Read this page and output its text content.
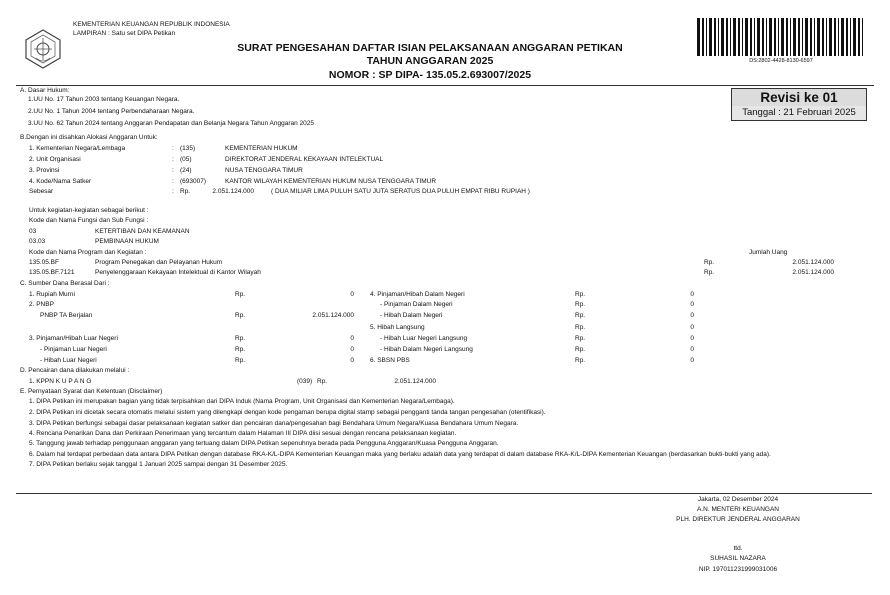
KEMENTERIAN KEUANGAN REPUBLIK INDONESIA
LAMPIRAN : Satu set DIPA Petikan
SURAT PENGESAHAN DAFTAR ISIAN PELAKSANAAN ANGGARAN PETIKAN
TAHUN ANGGARAN 2025
NOMOR : SP DIPA- 135.05.2.693007/2025
DS:2802-4428-8130-6597
Revisi ke 01
Tanggal : 21 Februari 2025
A. Dasar Hukum:
1.UU No. 17 Tahun 2003 tentang Keuangan Negara.
2.UU No. 1 Tahun 2004 tentang Perbendaharaan Negara.
3.UU No. 62 Tahun 2024 tentang Anggaran Pendapatan dan Belanja Negara Tahun Anggaran 2025
B.Dengan ini disahkan Alokasi Anggaran Untuk:
1. Kementerian Negara/Lembaga	: (135)	KEMENTERIAN HUKUM
2. Unit Organisasi	: (05)	DIREKTORAT JENDERAL KEKAYAAN INTELEKTUAL
3. Provinsi	: (24)	NUSA TENGGARA TIMUR
4. Kode/Nama Satker	: (693007)	KANTOR WILAYAH KEMENTERIAN HUKUM NUSA TENGGARA TIMUR
Sebesar	: Rp.	2.051.124.000	( DUA MILIAR LIMA PULUH SATU JUTA SERATUS DUA PULUH EMPAT RIBU RUPIAH )
Untuk kegiatan-kegiatan sebagai berikut :
Kode dan Nama Fungsi dan Sub Fungsi :
03	KETERTIBAN DAN KEAMANAN
03.03	PEMBINAAN HUKUM
Kode dan Nama Program dan Kegiatan :	Jumlah Uang
135.05.BF	Program Penegakan dan Pelayanan Hukum	Rp.	2.051.124.000
135.05.BF.7121	Penyelenggaraan Kekayaan Intelektual di Kantor Wilayah	Rp.	2.051.124.000
C. Sumber Dana Berasal Dari :
1. Rupiah Murni	Rp.	0
2. PNBP
PNBP TA Berjalan	Rp.	2.051.124.000
3. Pinjaman/Hibah Luar Negeri	Rp.	0
- Pinjaman Luar Negeri	Rp.	0
- Hibah Luar Negeri	Rp.	0
4. Pinjaman/Hibah Dalam Negeri	Rp.	0
- Pinjaman Dalam Negeri	Rp.	0
- Hibah Dalam Negeri	Rp.	0
5. Hibah Langsung	Rp.	0
- Hibah Luar Negeri Langsung	Rp.	0
- Hibah Dalam Negeri Langsung	Rp.	0
6. SBSN PBS	Rp.	0
D. Pencairan dana dilakukan melalui :
1. KPPN K U P A N G	(039) Rp.	2.051.124.000
E. Pernyataan Syarat dan Ketentuan (Disclaimer)
1. DIPA Petikan ini merupakan bagian yang tidak terpisahkan dari DIPA Induk (Nama Program, Unit Organisasi dan Kementerian Negara/Lembaga).
2. DIPA Petikan ini dicetak secara otomatis melalui sistem yang dilengkapi dengan kode pengaman berupa digital stamp sebagai pengganti tanda tangan pengesahan (otentifikasi).
3. DIPA Petikan berfungsi sebagai dasar pelaksanaan kegiatan satker dan pencairan dana/pengesahan bagi Bendahara Umum Negara/Kuasa Bendahara Umum Negara.
4. Rencana Penarikan Dana dan Perkiraan Penerimaan yang tercantum dalam Halaman III DIPA diisi sesuai dengan rencana pelaksanaan kegiatan.
5. Tanggung jawab terhadap penggunaan anggaran yang tertuang dalam DIPA Petikan sepenuhnya berada pada Pengguna Anggaran/Kuasa Pengguna Anggaran.
6. Dalam hal terdapat perbedaan data antara DIPA Petikan dengan database RKA-K/L-DIPA Kementerian Keuangan maka yang berlaku adalah data yang terdapat di dalam database RKA-K/L-DIPA Kementerian Keuangan (berdasarkan bukti-bukti yang ada).
7. DIPA Petikan berlaku sejak tanggal 1 Januari 2025 sampai dengan 31 Desember 2025.
Jakarta, 02 Desember 2024
A.N. MENTERI KEUANGAN
PLH. DIREKTUR JENDERAL ANGGARAN
ttd.
SUHASIL NAZARA
NIP. 197011231999031006
